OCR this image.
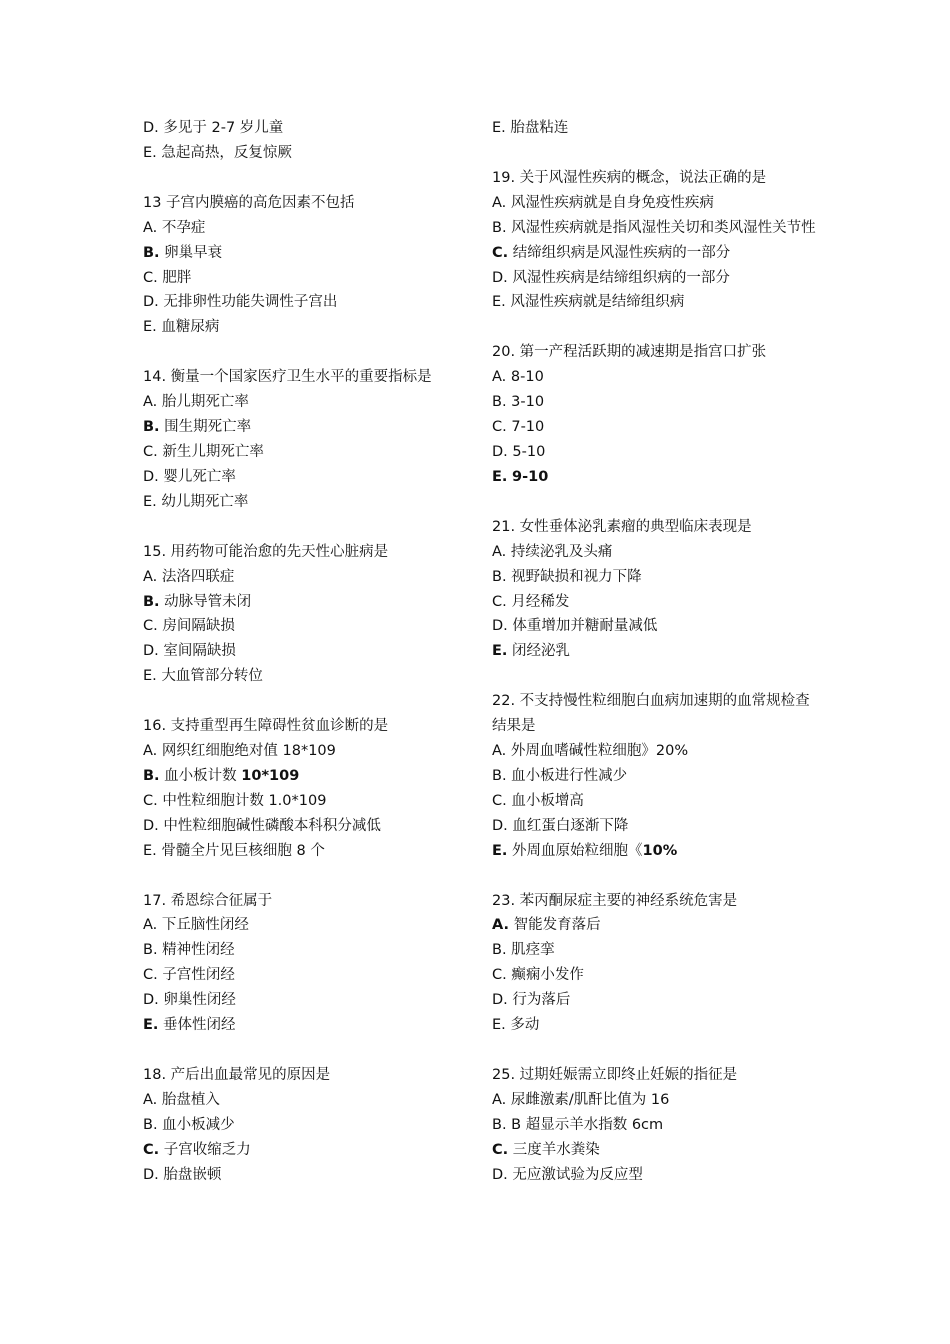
D. 多见于 2-7 岁儿童
E. 急起高热，反复惊厥
13 子宫内膜癌的高危因素不包括
A. 不孕症
B. 卵巢早衰
C. 肥胖
D. 无排卵性功能失调性子宫出
E. 血糖尿病
14. 衡量一个国家医疗卫生水平的重要指标是
A. 胎儿期死亡率
B. 围生期死亡率
C. 新生儿期死亡率
D. 婴儿死亡率
E. 幼儿期死亡率
15. 用药物可能治愈的先天性心脏病是
A. 法洛四联症
B. 动脉导管未闭
C. 房间隔缺损
D. 室间隔缺损
E. 大血管部分转位
16. 支持重型再生障碍性贫血诊断的是
A. 网织红细胞绝对值 18*109
B. 血小板计数 10*109
C. 中性粒细胞计数 1.0*109
D. 中性粒细胞碱性磷酸本科积分减低
E. 骨髓全片见巨核细胞 8 个
17. 希恩综合征属于
A. 下丘脑性闭经
B. 精神性闭经
C. 子宫性闭经
D. 卵巢性闭经
E. 垂体性闭经
18. 产后出血最常见的原因是
A. 胎盘植入
B. 血小板减少
C. 子宫收缩乏力
D. 胎盘嵌顿
E. 胎盘粘连
19. 关于风湿性疾病的概念，说法正确的是
A. 风湿性疾病就是自身免疫性疾病
B. 风湿性疾病就是指风湿性关切和类风湿性关节性
C. 结缔组织病是风湿性疾病的一部分
D. 风湿性疾病是结缔组织病的一部分
E. 风湿性疾病就是结缔组织病
20. 第一产程活跃期的减速期是指宫口扩张
A. 8-10
B. 3-10
C. 7-10
D. 5-10
E. 9-10
21. 女性垂体泌乳素瘤的典型临床表现是
A. 持续泌乳及头痛
B. 视野缺损和视力下降
C. 月经稀发
D. 体重增加并糖耐量减低
E. 闭经泌乳
22. 不支持慢性粒细胞白血病加速期的血常规检查结果是
A. 外周血嗜碱性粒细胞》20%
B. 血小板进行性减少
C. 血小板增高
D. 血红蛋白逐渐下降
E. 外周血原始粒细胞《10%
23. 苯丙酮尿症主要的神经系统危害是
A. 智能发育落后
B. 肌痉挛
C. 癫痫小发作
D. 行为落后
E. 多动
25. 过期妊娠需立即终止妊娠的指征是
A. 尿雌激素/肌酐比值为 16
B. B 超显示羊水指数 6cm
C. 三度羊水粪染
D. 无应激试验为反应型
